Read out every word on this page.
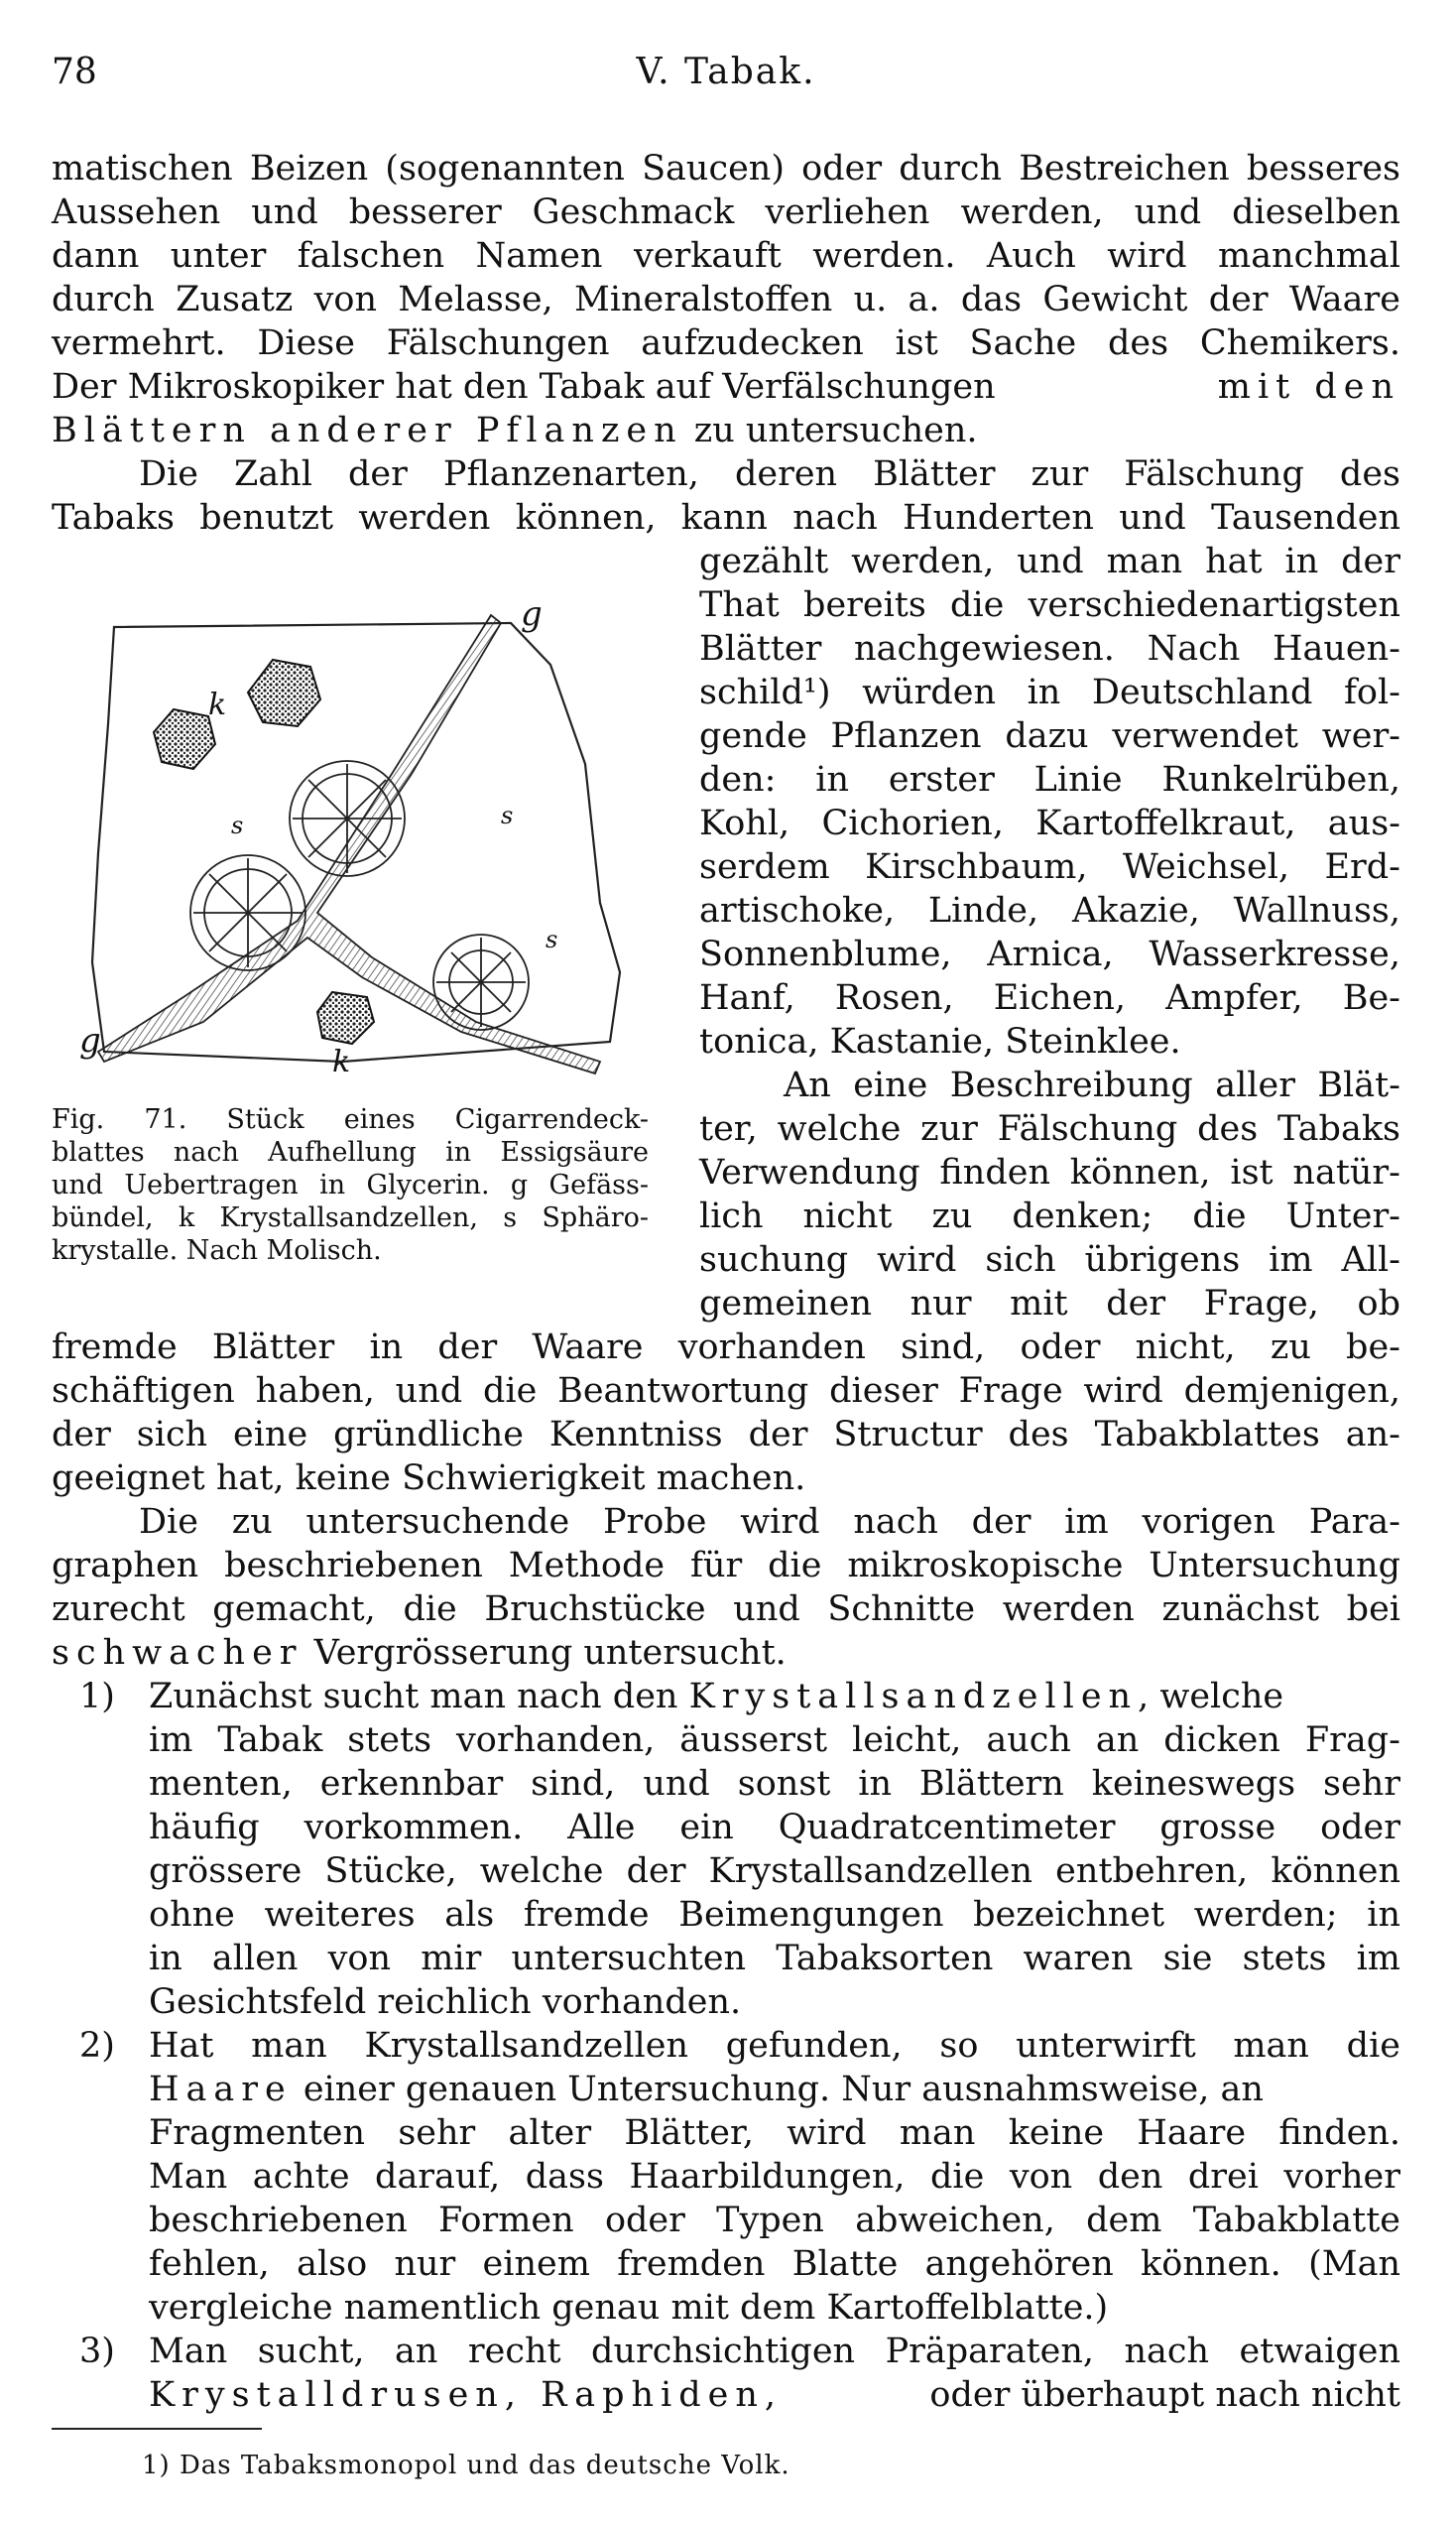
78	V. Tabak.
matischen Beizen (sogenannten Saucen) oder durch Bestreichen besseres
Aussehen und besserer Geschmack verliehen werden, und dieselben
dann unter falschen Namen verkauft werden. Auch wird manchmal
durch Zusatz von Melasse, Mineralstoffen u. a. das Gewicht der Waare
vermehrt. Diese Fälschungen aufzudecken ist Sache des Chemikers.
Der Mikroskopiker hat den Tabak auf Verfälschungen	mit den
Blättern anderer Pflanzen zu untersuchen.
Die Zahl der Pflanzenarten, deren Blätter zur Fälschung des
Tabaks benutzt werden können, kann nach Hunderten und Tausenden
g
g
k
k
s	s
s
Fig. 71. Stück eines Cigarrendeck-
blattes nach Aufhellung in Essigsäure
und Uebertragen in Glycerin. g Gefäss-
bündel, k Krystallsandzellen, s Sphäro-
krystalle. Nach Molisch.
gezählt werden, und man hat in der
That bereits die verschiedenartigsten
Blätter nachgewiesen. Nach Hauen-
schild¹) würden in Deutschland fol-
gende Pflanzen dazu verwendet wer-
den: in erster Linie Runkelrüben,
Kohl, Cichorien, Kartoffelkraut, aus-
serdem Kirschbaum, Weichsel, Erd-
artischoke, Linde, Akazie, Wallnuss,
Sonnenblume, Arnica, Wasserkresse,
Hanf, Rosen, Eichen, Ampfer, Be-
tonica, Kastanie, Steinklee.
An eine Beschreibung aller Blät-
ter, welche zur Fälschung des Tabaks
Verwendung finden können, ist natür-
lich nicht zu denken; die Unter-
suchung wird sich übrigens im All-
gemeinen nur mit der Frage, ob
fremde Blätter in der Waare vorhanden sind, oder nicht, zu be-
schäftigen haben, und die Beantwortung dieser Frage wird demjenigen,
der sich eine gründliche Kenntniss der Structur des Tabakblattes an-
geeignet hat, keine Schwierigkeit machen.
Die zu untersuchende Probe wird nach der im vorigen Para-
graphen beschriebenen Methode für die mikroskopische Untersuchung
zurecht gemacht, die Bruchstücke und Schnitte werden zunächst bei
schwacher Vergrösserung untersucht.
1) Zunächst sucht man nach den Krystallsandzellen, welche
im Tabak stets vorhanden, äusserst leicht, auch an dicken Frag-
menten, erkennbar sind, und sonst in Blättern keineswegs sehr
häufig vorkommen. Alle ein Quadratcentimeter grosse oder
grössere Stücke, welche der Krystallsandzellen entbehren, können
ohne weiteres als fremde Beimengungen bezeichnet werden; in
in allen von mir untersuchten Tabaksorten waren sie stets im
Gesichtsfeld reichlich vorhanden.
2) Hat man Krystallsandzellen gefunden, so unterwirft man die
Haare einer genauen Untersuchung. Nur ausnahmsweise, an
Fragmenten sehr alter Blätter, wird man keine Haare finden.
Man achte darauf, dass Haarbildungen, die von den drei vorher
beschriebenen Formen oder Typen abweichen, dem Tabakblatte
fehlen, also nur einem fremden Blatte angehören können. (Man
vergleiche namentlich genau mit dem Kartoffelblatte.)
3) Man sucht, an recht durchsichtigen Präparaten, nach etwaigen
Krystalldrusen, Raphiden,	oder überhaupt nach nicht
1) Das Tabaksmonopol und das deutsche Volk.
